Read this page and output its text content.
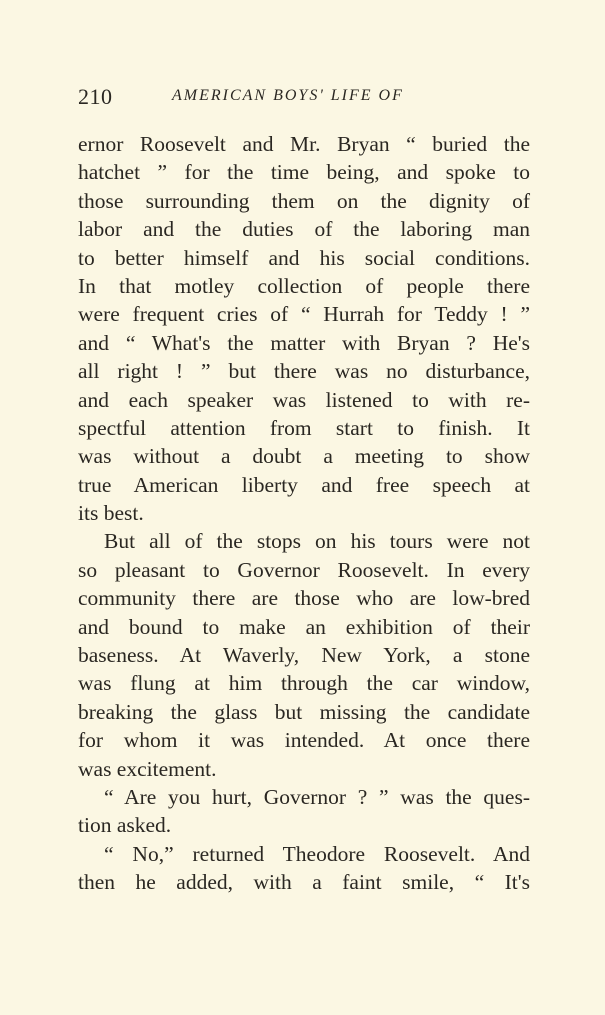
210	AMERICAN BOYS' LIFE OF
ernor Roosevelt and Mr. Bryan “ buried the
hatchet ” for the time being, and spoke to
those surrounding them on the dignity of
labor and the duties of the laboring man
to better himself and his social conditions.
In that motley collection of people there
were frequent cries of “ Hurrah for Teddy ! ”
and “ What's the matter with Bryan ? He's
all right ! ” but there was no disturbance,
and each speaker was listened to with re-
spectful attention from start to finish. It
was without a doubt a meeting to show
true American liberty and free speech at
its best.
But all of the stops on his tours were not
so pleasant to Governor Roosevelt. In every
community there are those who are low-bred
and bound to make an exhibition of their
baseness. At Waverly, New York, a stone
was flung at him through the car window,
breaking the glass but missing the candidate
for whom it was intended. At once there
was excitement.
“ Are you hurt, Governor ? ” was the ques-
tion asked.
“ No,” returned Theodore Roosevelt. And
then he added, with a faint smile, “ It's
